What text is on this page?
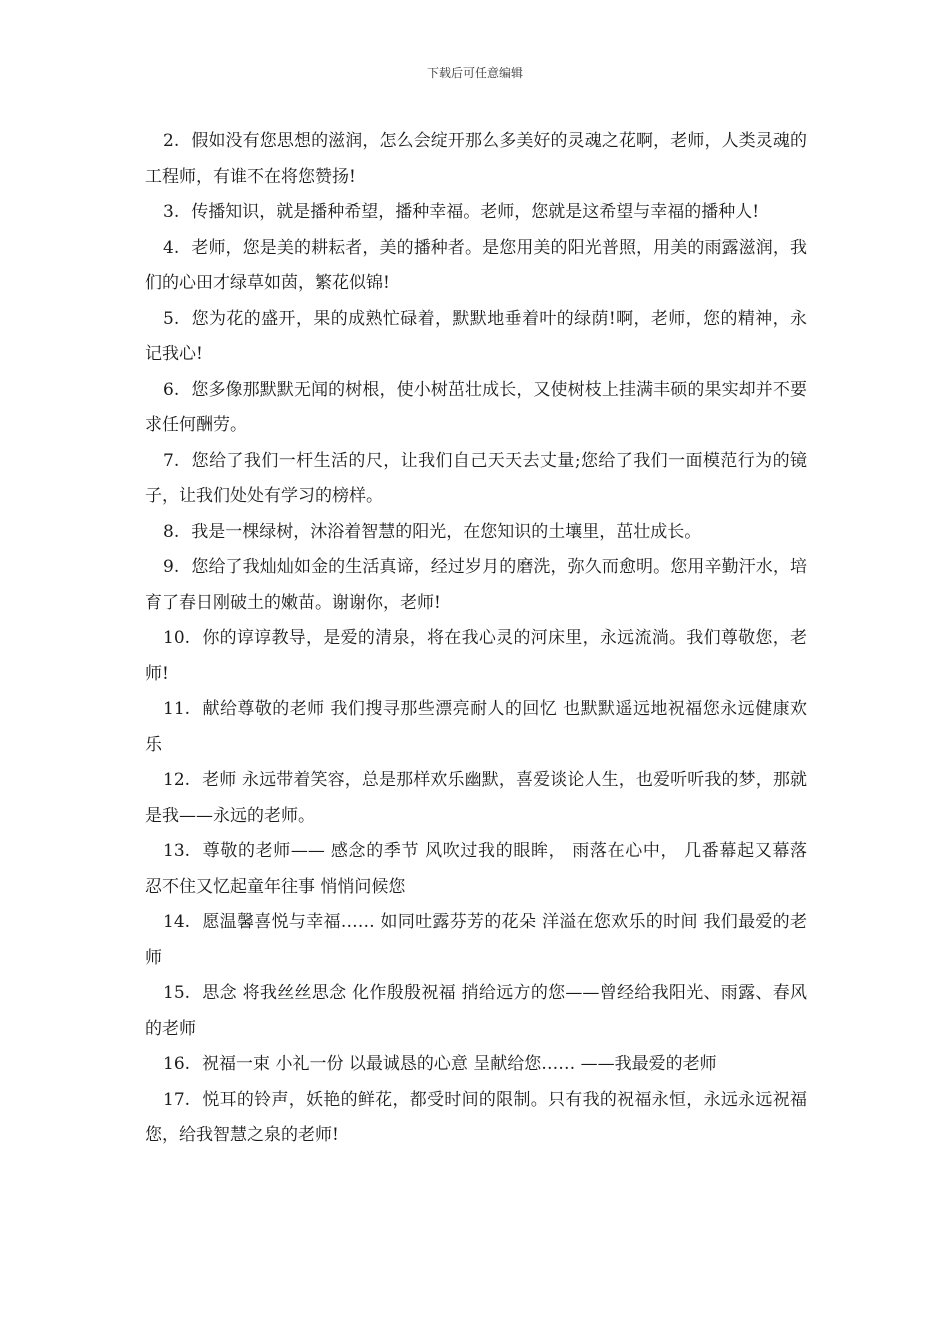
下载后可任意编辑

2. 假如没有您思想的滋润，怎么会绽开那么多美好的灵魂之花啊，老师，人类灵魂的工程师，有谁不在将您赞扬!

3. 传播知识，就是播种希望，播种幸福。老师，您就是这希望与幸福的播种人!

4. 老师，您是美的耕耘者，美的播种者。是您用美的阳光普照，用美的雨露滋润，我们的心田才绿草如茵，繁花似锦!

5. 您为花的盛开，果的成熟忙碌着，默默地垂着叶的绿荫!啊，老师，您的精神，永记我心!

6. 您多像那默默无闻的树根，使小树茁壮成长，又使树枝上挂满丰硕的果实却并不要求任何酬劳。

7. 您给了我们一杆生活的尺，让我们自己天天去丈量;您给了我们一面模范行为的镜子，让我们处处有学习的榜样。

8. 我是一棵绿树，沐浴着智慧的阳光，在您知识的土壤里，茁壮成长。

9. 您给了我灿灿如金的生活真谛，经过岁月的磨洗，弥久而愈明。您用辛勤汗水，培育了春日刚破土的嫩苗。谢谢你，老师!

10. 你的谆谆教导，是爱的清泉，将在我心灵的河床里，永远流淌。我们尊敬您，老师!

11. 献给尊敬的老师 我们搜寻那些漂亮耐人的回忆 也默默遥远地祝福您永远健康欢乐

12. 老师 永远带着笑容，总是那样欢乐幽默，喜爱谈论人生，也爱听听我的梦，那就是我——永远的老师。

13. 尊敬的老师—— 感念的季节 风吹过我的眼眸， 雨落在心中， 几番幕起又幕落 忍不住又忆起童年往事 悄悄问候您

14. 愿温馨喜悦与幸福…… 如同吐露芬芳的花朵 洋溢在您欢乐的时间 我们最爱的老师

15. 思念 将我丝丝思念 化作殷殷祝福 捎给远方的您——曾经给我阳光、雨露、春风的老师

16. 祝福一束 小礼一份 以最诚恳的心意 呈献给您…… ——我最爱的老师

17. 悦耳的铃声，妖艳的鲜花，都受时间的限制。只有我的祝福永恒，永远永远祝福您，给我智慧之泉的老师!
